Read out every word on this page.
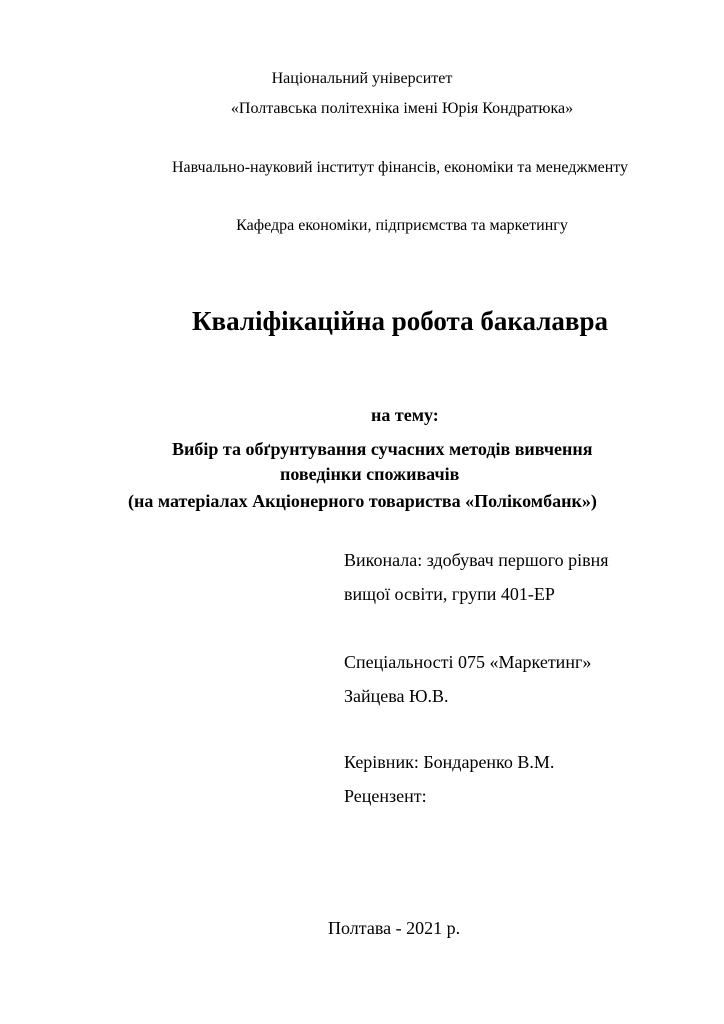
Національний університет
«Полтавська політехніка імені Юрія Кондратюка»
Навчально-науковий інститут фінансів, економіки та менеджменту
Кафедра економіки, підприємства та маркетингу
Кваліфікаційна робота бакалавра
на тему:
Вибір та обґрунтування сучасних методів вивчення
поведінки споживачів
(на матеріалах Акціонерного товариства «Полікомбанк»)
Виконала: здобувач першого рівня
вищої освіти, групи 401-ЕР
Спеціальності 075 «Маркетинг»
Зайцева Ю.В.
Керівник: Бондаренко В.М.
Рецензент:
Полтава - 2021 р.
